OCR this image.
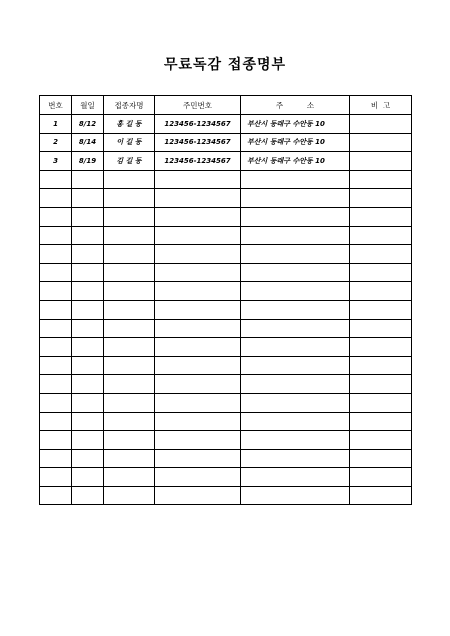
무료독감 접종명부
번호	월일	접종자명	주민번호	주          소	비  고
1	8/12	홍 길 동	123456-1234567	부산시 동래구 수안동 10	
2	8/14	이 길 동	123456-1234567	부산시 동래구 수안동 10	
3	8/19	김 길 동	123456-1234567	부산시 동래구 수안동 10	
